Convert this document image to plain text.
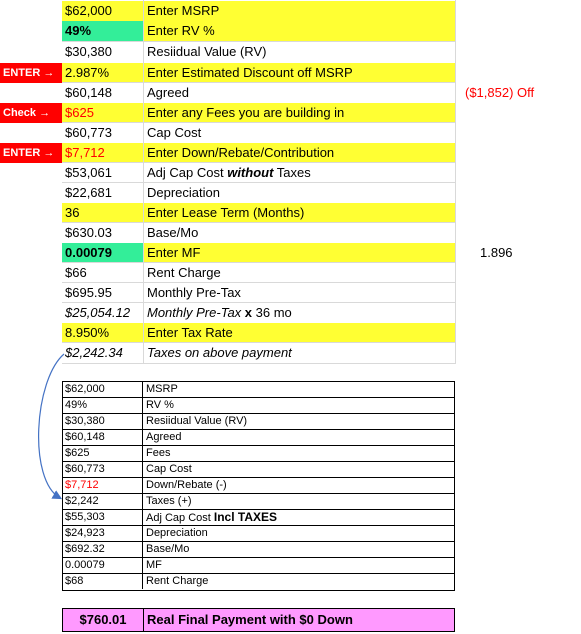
$62,000	Enter MSRP
49%	Enter RV %
$30,380	Resiidual Value (RV)
ENTER → 2.987%	Enter Estimated Discount off MSRP
$60,148	Agreed	($1,852) Off
Check →	$625	Enter any Fees you are building in
$60,773	Cap Cost
ENTER → $7,712	Enter Down/Rebate/Contribution
$53,061	Adj Cap Cost without Taxes
$22,681	Depreciation
36	Enter Lease Term (Months)
$630.03	Base/Mo
0.00079	Enter MF	1.896
$66	Rent Charge
$695.95	Monthly Pre-Tax
$25,054.12	Monthly Pre-Tax x 36 mo
8.950%	Enter Tax Rate
$2,242.34	Taxes on above payment
$62,000	MSRP
49%	RV %
$30,380	Resiidual Value (RV)
$60,148	Agreed
$625	Fees
$60,773	Cap Cost
$7,712	Down/Rebate (-)
$2,242	Taxes (+)
$55,303	Adj Cap Cost Incl TAXES
$24,923	Depreciation
$692.32	Base/Mo
0.00079	MF
$68	Rent Charge
$760.01	Real Final Payment with $0 Down
